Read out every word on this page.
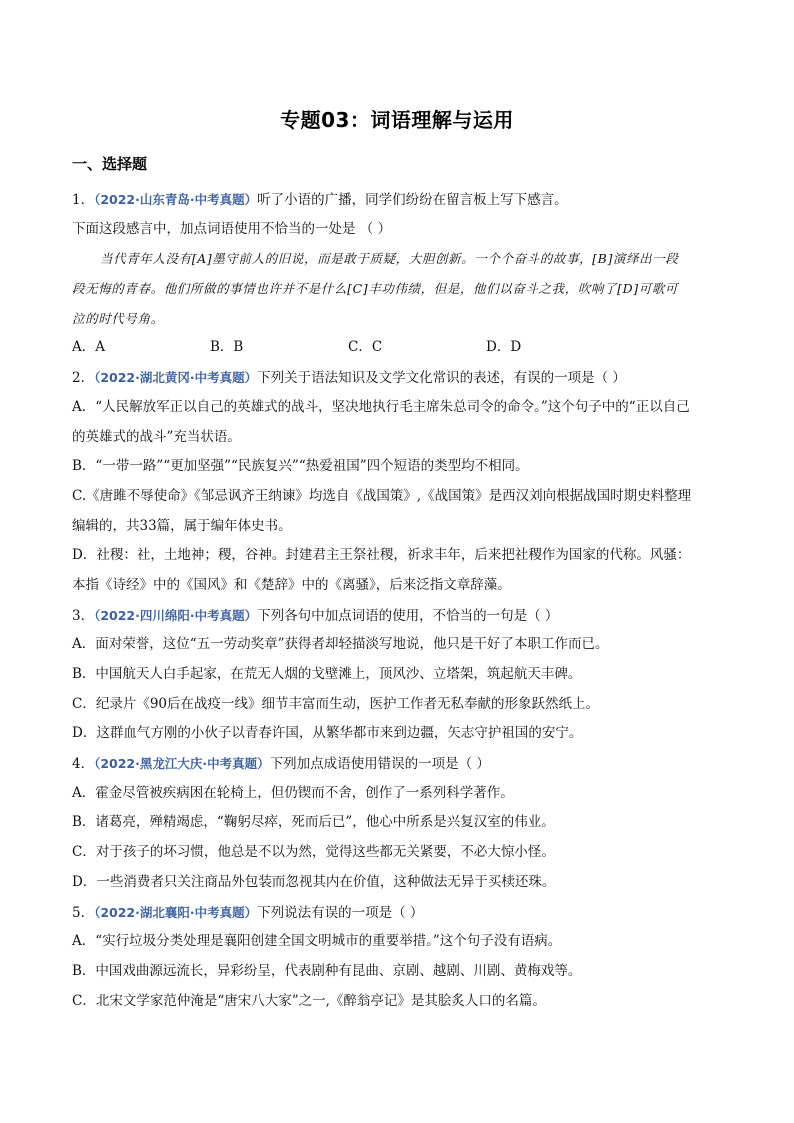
专题03：词语理解与运用
一、选择题
1．（2022·山东青岛·中考真题）听了小语的广播，同学们纷纷在留言板上写下感言。
下面这段感言中，加点词语使用不恰当的一处是 （ ）
当代青年人没有[A]墨守前人的旧说，而是敢于质疑，大胆创新。一个个奋斗的故事，[B]演绎出一段
段无悔的青春。他们所做的事情也许并不是什么[C]丰功伟绩，但是，他们以奋斗之我，吹响了[D]可歌可
泣的时代号角。
A．A	B．B	C．C	D．D
2．（2022·湖北黄冈·中考真题）下列关于语法知识及文学文化常识的表述，有误的一项是（ ）
A．“人民解放军正以自己的英雄式的战斗，坚决地执行毛主席朱总司令的命令。”这个句子中的“正以自己
的英雄式的战斗”充当状语。
B．“一带一路”“更加坚强”“民族复兴”“热爱祖国”四个短语的类型均不相同。
C.《唐雎不辱使命》《邹忌讽齐王纳谏》均选自《战国策》,《战国策》是西汉刘向根据战国时期史料整理
编辑的，共33篇，属于编年体史书。
D．社稷：社，土地神；稷，谷神。封建君主王祭社稷，祈求丰年，后来把社稷作为国家的代称。风骚：
本指《诗经》中的《国风》和《楚辞》中的《离骚》，后来泛指文章辞藻。
3．（2022·四川绵阳·中考真题）下列各句中加点词语的使用，不恰当的一句是（ ）
A．面对荣誉，这位“五一劳动奖章”获得者却轻描淡写地说，他只是干好了本职工作而已。
B．中国航天人白手起家，在荒无人烟的戈壁滩上，顶风沙、立塔架，筑起航天丰碑。
C．纪录片《90后在战疫一线》细节丰富而生动，医护工作者无私奉献的形象跃然纸上。
D．这群血气方刚的小伙子以青春许国，从繁华都市来到边疆，矢志守护祖国的安宁。
4．（2022·黑龙江大庆·中考真题）下列加点成语使用错误的一项是（ ）
A．霍金尽管被疾病困在轮椅上，但仍锲而不舍，创作了一系列科学著作。
B．诸葛亮，殚精竭虑，“鞠躬尽瘁，死而后已”，他心中所系是兴复汉室的伟业。
C．对于孩子的坏习惯，他总是不以为然，觉得这些都无关紧要，不必大惊小怪。
D．一些消费者只关注商品外包装而忽视其内在价值，这种做法无异于买椟还珠。
5．（2022·湖北襄阳·中考真题）下列说法有误的一项是（ ）
A．“实行垃圾分类处理是襄阳创建全国文明城市的重要举措。”这个句子没有语病。
B．中国戏曲源远流长，异彩纷呈，代表剧种有昆曲、京剧、越剧、川剧、黄梅戏等。
C．北宋文学家范仲淹是“唐宋八大家”之一,《醉翁亭记》是其脍炙人口的名篇。
